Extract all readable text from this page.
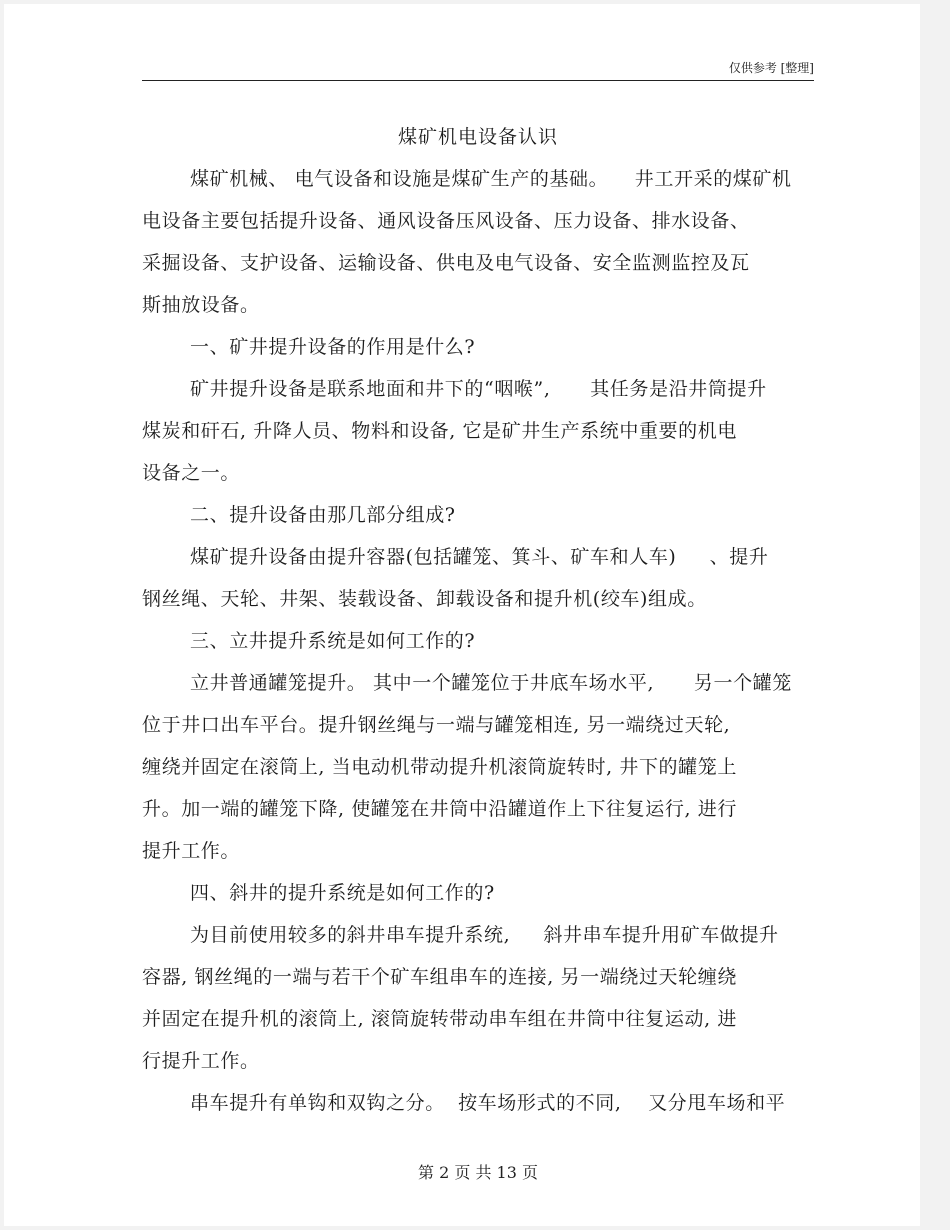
仅供参考 [整理]
煤矿机电设备认识
煤矿机械、 电气设备和设施是煤矿生产的基础。    井工开采的煤矿机
电设备主要包括提升设备、通风设备压风设备、压力设备、排水设备、
采掘设备、支护设备、运输设备、供电及电气设备、安全监测监控及瓦
斯抽放设备。
一、矿井提升设备的作用是什么?
矿井提升设备是联系地面和井下的“咽喉”,      其任务是沿井筒提升
煤炭和矸石, 升降人员、物料和设备, 它是矿井生产系统中重要的机电
设备之一。
二、提升设备由那几部分组成?
煤矿提升设备由提升容器(包括罐笼、箕斗、矿车和人车)     、提升
钢丝绳、天轮、井架、装载设备、卸载设备和提升机(绞车)组成。
三、立井提升系统是如何工作的?
立井普通罐笼提升。 其中一个罐笼位于井底车场水平,      另一个罐笼
位于井口出车平台。提升钢丝绳与一端与罐笼相连, 另一端绕过天轮,
缠绕并固定在滚筒上, 当电动机带动提升机滚筒旋转时, 井下的罐笼上
升。加一端的罐笼下降, 使罐笼在井筒中沿罐道作上下往复运行, 进行
提升工作。
四、斜井的提升系统是如何工作的?
为目前使用较多的斜井串车提升系统,     斜井串车提升用矿车做提升
容器, 钢丝绳的一端与若干个矿车组串车的连接, 另一端绕过天轮缠绕
并固定在提升机的滚筒上, 滚筒旋转带动串车组在井筒中往复运动, 进
行提升工作。
串车提升有单钩和双钩之分。  按车场形式的不同,    又分甩车场和平
第 2 页 共 13 页
